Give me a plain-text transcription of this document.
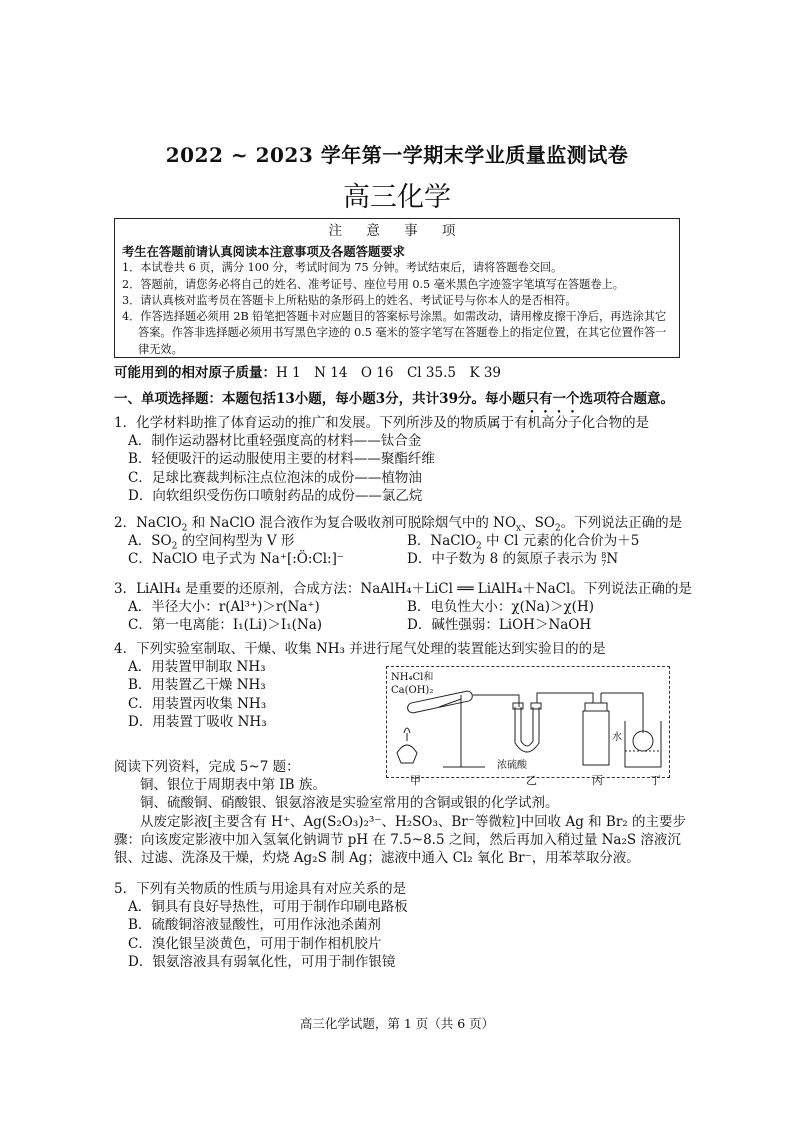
2022 ~ 2023 学年第一学期末学业质量监测试卷
高三化学
注 意 事 项
考生在答题前请认真阅读本注意事项及各题答题要求
1．本试卷共 6 页，满分 100 分，考试时间为 75 分钟。考试结束后，请将答题卷交回。
2．答题前，请您务必将自己的姓名、准考证号、座位号用 0.5 毫米黑色字迹签字笔填写在答题卷上。
3．请认真核对监考员在答题卡上所粘贴的条形码上的姓名、考试证号与你本人的是否相符。
4．作答选择题必须用 2B 铅笔把答题卡对应题目的答案标号涂黑。如需改动，请用橡皮擦干净后，再选涂其它答案。作答非选择题必须用书写黑色字迹的 0.5 毫米的签字笔写在答题卷上的指定位置，在其它位置作答一律无效。
可能用到的相对原子质量：H 1　N 14　O 16　Cl 35.5　K 39
一、单项选择题：本题包括13小题，每小题3分，共计39分。每小题只有一个选项符合题意。
1．化学材料助推了体育运动的推广和发展。下列所涉及的物质属于有机高分子化合物的是
A．制作运动器材比重轻强度高的材料——钛合金
B．轻便吸汗的运动服使用主要的材料——聚酯纤维
C．足球比赛裁判标注点位泡沫的成份——植物油
D．向软组织受伤伤口喷射药品的成份——氯乙烷
2．NaClO$_2$ 和 NaClO 混合液作为复合吸收剂可脱除烟气中的 $NO_x$、$SO_2$。下列说法正确的是
A．$SO_2$ 的空间构型为 V 形	B．NaClO$_2$ 中 Cl 元素的化合价为＋5
C．NaClO 电子式为 Na⁺[:Ö:Cl:]⁻	D．中子数为 8 的氮原子表示为 8
7N
3．LiAlH₄ 是重要的还原剂，合成方法：NaAlH₄＋LiCl ══ LiAlH₄＋NaCl。下列说法正确的是
A．半径大小：r(Al³⁺)＞r(Na⁺)	B．电负性大小：χ(Na)＞χ(H)
C．第一电离能：I₁(Li)＞I₁(Na)	D．碱性强弱：LiOH＞NaOH
4．下列实验室制取、干燥、收集 NH₃ 并进行尾气处理的装置能达到实验目的的是
A．用装置甲制取 NH₃
B．用装置乙干燥 NH₃
C．用装置丙收集 NH₃
D．用装置丁吸收 NH₃
NH₄Cl和
Ca(OH)₂
浓硫酸
水
甲	乙	丙	丁
阅读下列资料，完成 5~7 题：
铜、银位于周期表中第 IB 族。
铜、硫酸铜、硝酸银、银氨溶液是实验室常用的含铜或银的化学试剂。
从废定影液[主要含有 H⁺、Ag(S₂O₃)₂³⁻、H₂SO₃、Br⁻等微粒]中回收 Ag 和 Br₂ 的主要步骤：向该废定影液中加入氢氧化钠调节 pH 在 7.5~8.5 之间，然后再加入稍过量 Na₂S 溶液沉银、过滤、洗涤及干燥，灼烧 Ag₂S 制 Ag；滤液中通入 Cl₂ 氧化 Br⁻，用苯萃取分液。
5．下列有关物质的性质与用途具有对应关系的是
A．铜具有良好导热性，可用于制作印刷电路板
B．硫酸铜溶液显酸性，可用作泳池杀菌剂
C．溴化银呈淡黄色，可用于制作相机胶片
D．银氨溶液具有弱氧化性，可用于制作银镜
高三化学试题，第 1 页（共 6 页）
